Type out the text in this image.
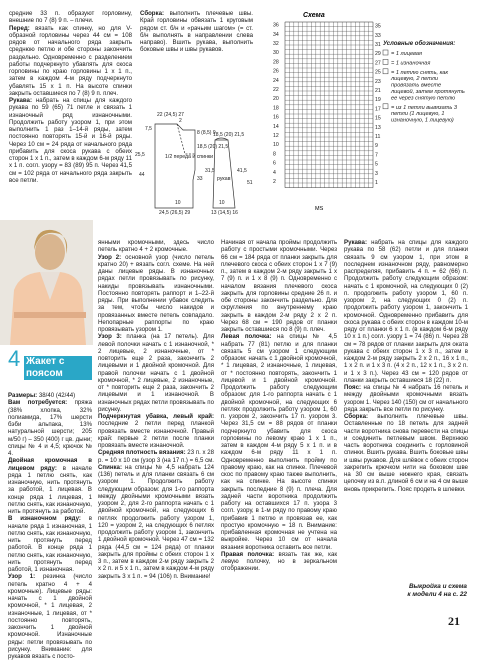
средние 33 п. образуют горловину, внешние по 7 (8) 9 п. – плечи.

Перед: вязать как спинку, но для V-образной горловины через 44 см = 108 рядов от начального ряда закрыть среднюю петлю и обе стороны закончить раздельно. Одновременно с разделением работы подчеркнуто убавлять для скоса горловины по краю горловины 1 x 1 п., затем в каждом 4-м ряду подчеркнуто убавлять 15 x 1 п. На высоте спинки закрыть оставшиеся по 7 (8) 9 п. плеч.

Рукава: набрать на спицы для каждого рукава по 59 (65) 71 петле и связать 1 изнаночный ряд изнаночными. Продолжить работу узором 1, при этом выполнить 1 раз 1–14-й ряды, затем постоянно повторять 15-й и 16-й ряды. Через 10 см = 24 ряда от начального ряда прибавить для скоса рукава с обеих сторон 1 x 1 п., затем в каждом 6-м ряду 11 x 1 п. согл. узору = 83 (89) 95 п. Через 41,5 см = 102 ряда от начального ряда закрыть все петли.

Сборка: выполнить плечевые швы. Край горловины обвязать 1 круговым рядом ст. б/н и «рачьим шагом» (= ст. б/н выполнять в направлении слева направо). Вшить рукава, выполнить боковые швы и швы рукавов.

22 (24,5) 27
7,5
2
8 (8,5) 9
18,5 (20) 21,5
25,5
44
33
10
24,5 (26,5) 29
18,5 (20) 21,5
31,5	41,5
10
13 (14,5) 16
51
1/2 переда и спинки
рукав
Схема
35
33
31
29
27
25
23
21
19
17
15
13
11
9
7
5
3
1
36
34
32
30
28
26
24
22
20
18
16
14
12
10
8
6
4
2
MS
Условные обозначения:
= 1 лицевая
= 1 изнаночная
= 1 петлю снять, как лицевую, 2 петли провязать вместе лицевой, затем протянуть ее через снятую петлю
= из 1 петли вывязать 3 петли (1 лицевую, 1 изнаночную, 1 лицевую)
4 Жакет с поясом

Размеры: 38/40 (42/44)

Вам потребуется: пряжа (38% хлопка, 32% полиамида, 17% шерсти бэби альпака, 13% натуральной шерсти; 205 м/50 г) – 350 (400) г цв. дыни; спицы № 4 и 4,5; крючок № 4.

Двойная кромочная в лицевом ряду: в начале ряда 1 петлю снять, как изнаночную, нить протянуть за работой, 1 лицевая. В конце ряда 1 лицевая, 1 петлю снять, как изнаночную, нить протянуть за работой.

В изнаночном ряду: в начале ряда 1 изнаночная, 1 петлю снять, как изнаночную, нить протянуть перед работой. В конце ряда 1 петлю снять, как изнаночную, нить протянуть перед работой, 1 изнаночная.

Узор 1: резинка (число петель кратно 4 + 4 кромочные). Лицевые ряды: начать с 1 двойной кромочной, * 1 лицевая, 2 изнаночные, 1 лицевая, от * постоянно повторять, закончить 1 двойной кромочной. Изнаночные ряды: петли провязывать по рисунку. Внимание: для рукавов вязать с посто-

янными кромочными, здесь число петель кратно 4 + 2 кромочные.

Узор 2: основной узор (число петель кратно 20) + вязать согл. схеме. На ней даны лицевые ряды. В изнаночных рядах петли провязывать по рисунку, накиды провязывать изнаночными. Постоянно повторять раппорт и 1–22-й ряды. При выполнении убавок следить за тем, чтобы число накидов и провязанных вместе петель совпадало. Непопарные раппорты по краю провязывать узором 1.

Узор 3: планка (на 17 петель). Для левой полочки начать с 1 изнаночной, * 2 лицевые, 2 изнаночные, от * повторить еще 2 раза, закончить 2 лицевыми и 1 двойной кромочной. Для правой полочки начать с 1 двойной кромочной, * 2 лицевые, 2 изнаночные, от * повторить еще 2 раза, закончить 2 лицевыми и 1 изнаночной. В изнаночных рядах петли провязывать по рисунку.

Подчеркнутая убавка, левый край: последние 2 петли перед планкой провязать вместе изнаночной. Правый край: первые 2 петли после планки провязать вместе изнаночной.

Средняя плотность вязания: 23 п. x 28 р. = 10 x 10 см (узор 3 (на 17 п.) = 6,5 см.

Спинка: на спицы № 4,5 набрать 124 (136) петель и для планки связать 6 см узором 1. Продолжить работу следующим образом: для 1-го раппорта между двойными кромочными вязать узором 2, для 2-го раппорта начать с 1 двойной кромочной, на следующих 6 петлях продолжить работу узором 1, 120 = узором 2, на следующих 6 петлях продолжить работу узором 1, закончить 1 двойной кромочной. Через 47 см = 132 ряда (44,5 см = 124 ряда) от планки закрыть для проймы с обеих сторон 1 x 3 п., затем в каждом 2-м ряду закрыть 2 x 2 п. и 5 x 1 п., затем в каждом 4-м ряду закрыть 3 x 1 п. = 94 (106) п. Внимание!

Начиная от начала проймы продолжить работу с простыми кромочными. Через 66 см = 184 ряда от планки закрыть для плечевого скоса с обеих сторон 1 x 7 (9) п., затем в каждом 2-м ряду закрыть 1 x 7 (9) п. и 1 x 8 (9) п. Одновременно с началом вязания плечевого скоса закрыть для горловины средние 26 п. и обе стороны закончить раздельно. Для скругления по внутреннему краю закрыть в каждом 2-м ряду 2 x 2 п. Через 68 см = 190 рядов от планки закрыть оставшиеся по 8 (9) п. плеч.

Левая полочка: на спицы № 4,5 набрать 77 (81) петлю и для планки связать 5 см узором 1 следующим образом: начать с 1 двойной кромочной, * 1 лицевая, 2 изнаночные, 1 лицевая, от * постоянно повторять, закончить 1 лицевой и 1 двойной кромочной. Продолжить работу следующим образом: для 1-го раппорта начать с 1 двойной кромочной, на следующих 6 петлях продолжить работу узором 1, 60 п. узором 2, закончить 17 п. узором 3. Через 31,5 см = 88 рядов от планки подчеркнуто убавить для скоса горловины по левому краю 1 x 1 п., затем в каждом 4-м ряду 5 x 1 п. и в каждом 6-м ряду 11 x 1 п. Одновременно выполнить пройму по правому краю, как на спинке. Плечевой скос по правому краю также выполнить, как на спинке. На высоте спинки закрыть последние 8 (9) п. плеча. Для задней части воротника продолжить работу на оставшихся 17 п. узора 3 согл. узору, в 1-м ряду по правому краю прибавив 1 петлю и провязав ее, как простую кромочную = 18 п. Внимание: прибавленная кромочная не учтена на выкройке. Через 10 см от начала вязания воротника оставить все петли.

Правая полочка: вязать так же, как левую полочку, но в зеркальном отображении.

Рукава: набрать на спицы для каждого рукава по 58 (62) петли и для планки связать 9 см узором 1, при этом в последнем изнаночном ряду, равномерно распределяя, прибавить 4 п. = 62 (66) п. Продолжить работу следующим образом: начать с 1 кромочной, на следующих 0 (2) п. продолжить работу узором 1, 60 п. узором 2, на следующих 0 (2) п. продолжить работу узором 1, закончить 1 кромочной. Одновременно прибавить для скоса рукава с обеих сторон в каждом 10-м ряду от планки 6 x 1 п. (в каждом 6-м ряду 10 x 1 п.) согл. узору 1 = 74 (86) п. Через 28 см = 78 рядов от планки закрыть для оката рукава с обеих сторон 1 x 3 п., затем в каждом 2-м ряду закрыть 2 x 2 п., 16 x 1 п., 1 x 2 п. и 1 x 3 п. (4 x 2 п., 12 x 1 п., 3 x 2 п. и 1 x 3 п.). Через 43 см = 120 рядов от планки закрыть оставшиеся 18 (22) п.

Пояс: на спицы № 4 набрать 16 петель и между двойными кромочными вязать узором 1. Через 140 (150) см от начального ряда закрыть все петли по рисунку.

Сборка: выполнить плечевые швы. Оставленные по 18 петель для задней части воротника снова перевести на спицы и соединить петлевым швом. Верхнюю часть воротника соединить с горловиной спинки. Вшить рукава. Вшить боковые швы и швы рукавов. Для шлёвок с обеих сторон закрепить крючком нити на боковом шве на 30 см выше нижнего края, связать цепочку из в.п. длиной 6 см и на 4 см выше вновь прикрепить. Пояс продеть в шлевки.

Выкройка и схема
к модели 4 на с. 22
21
